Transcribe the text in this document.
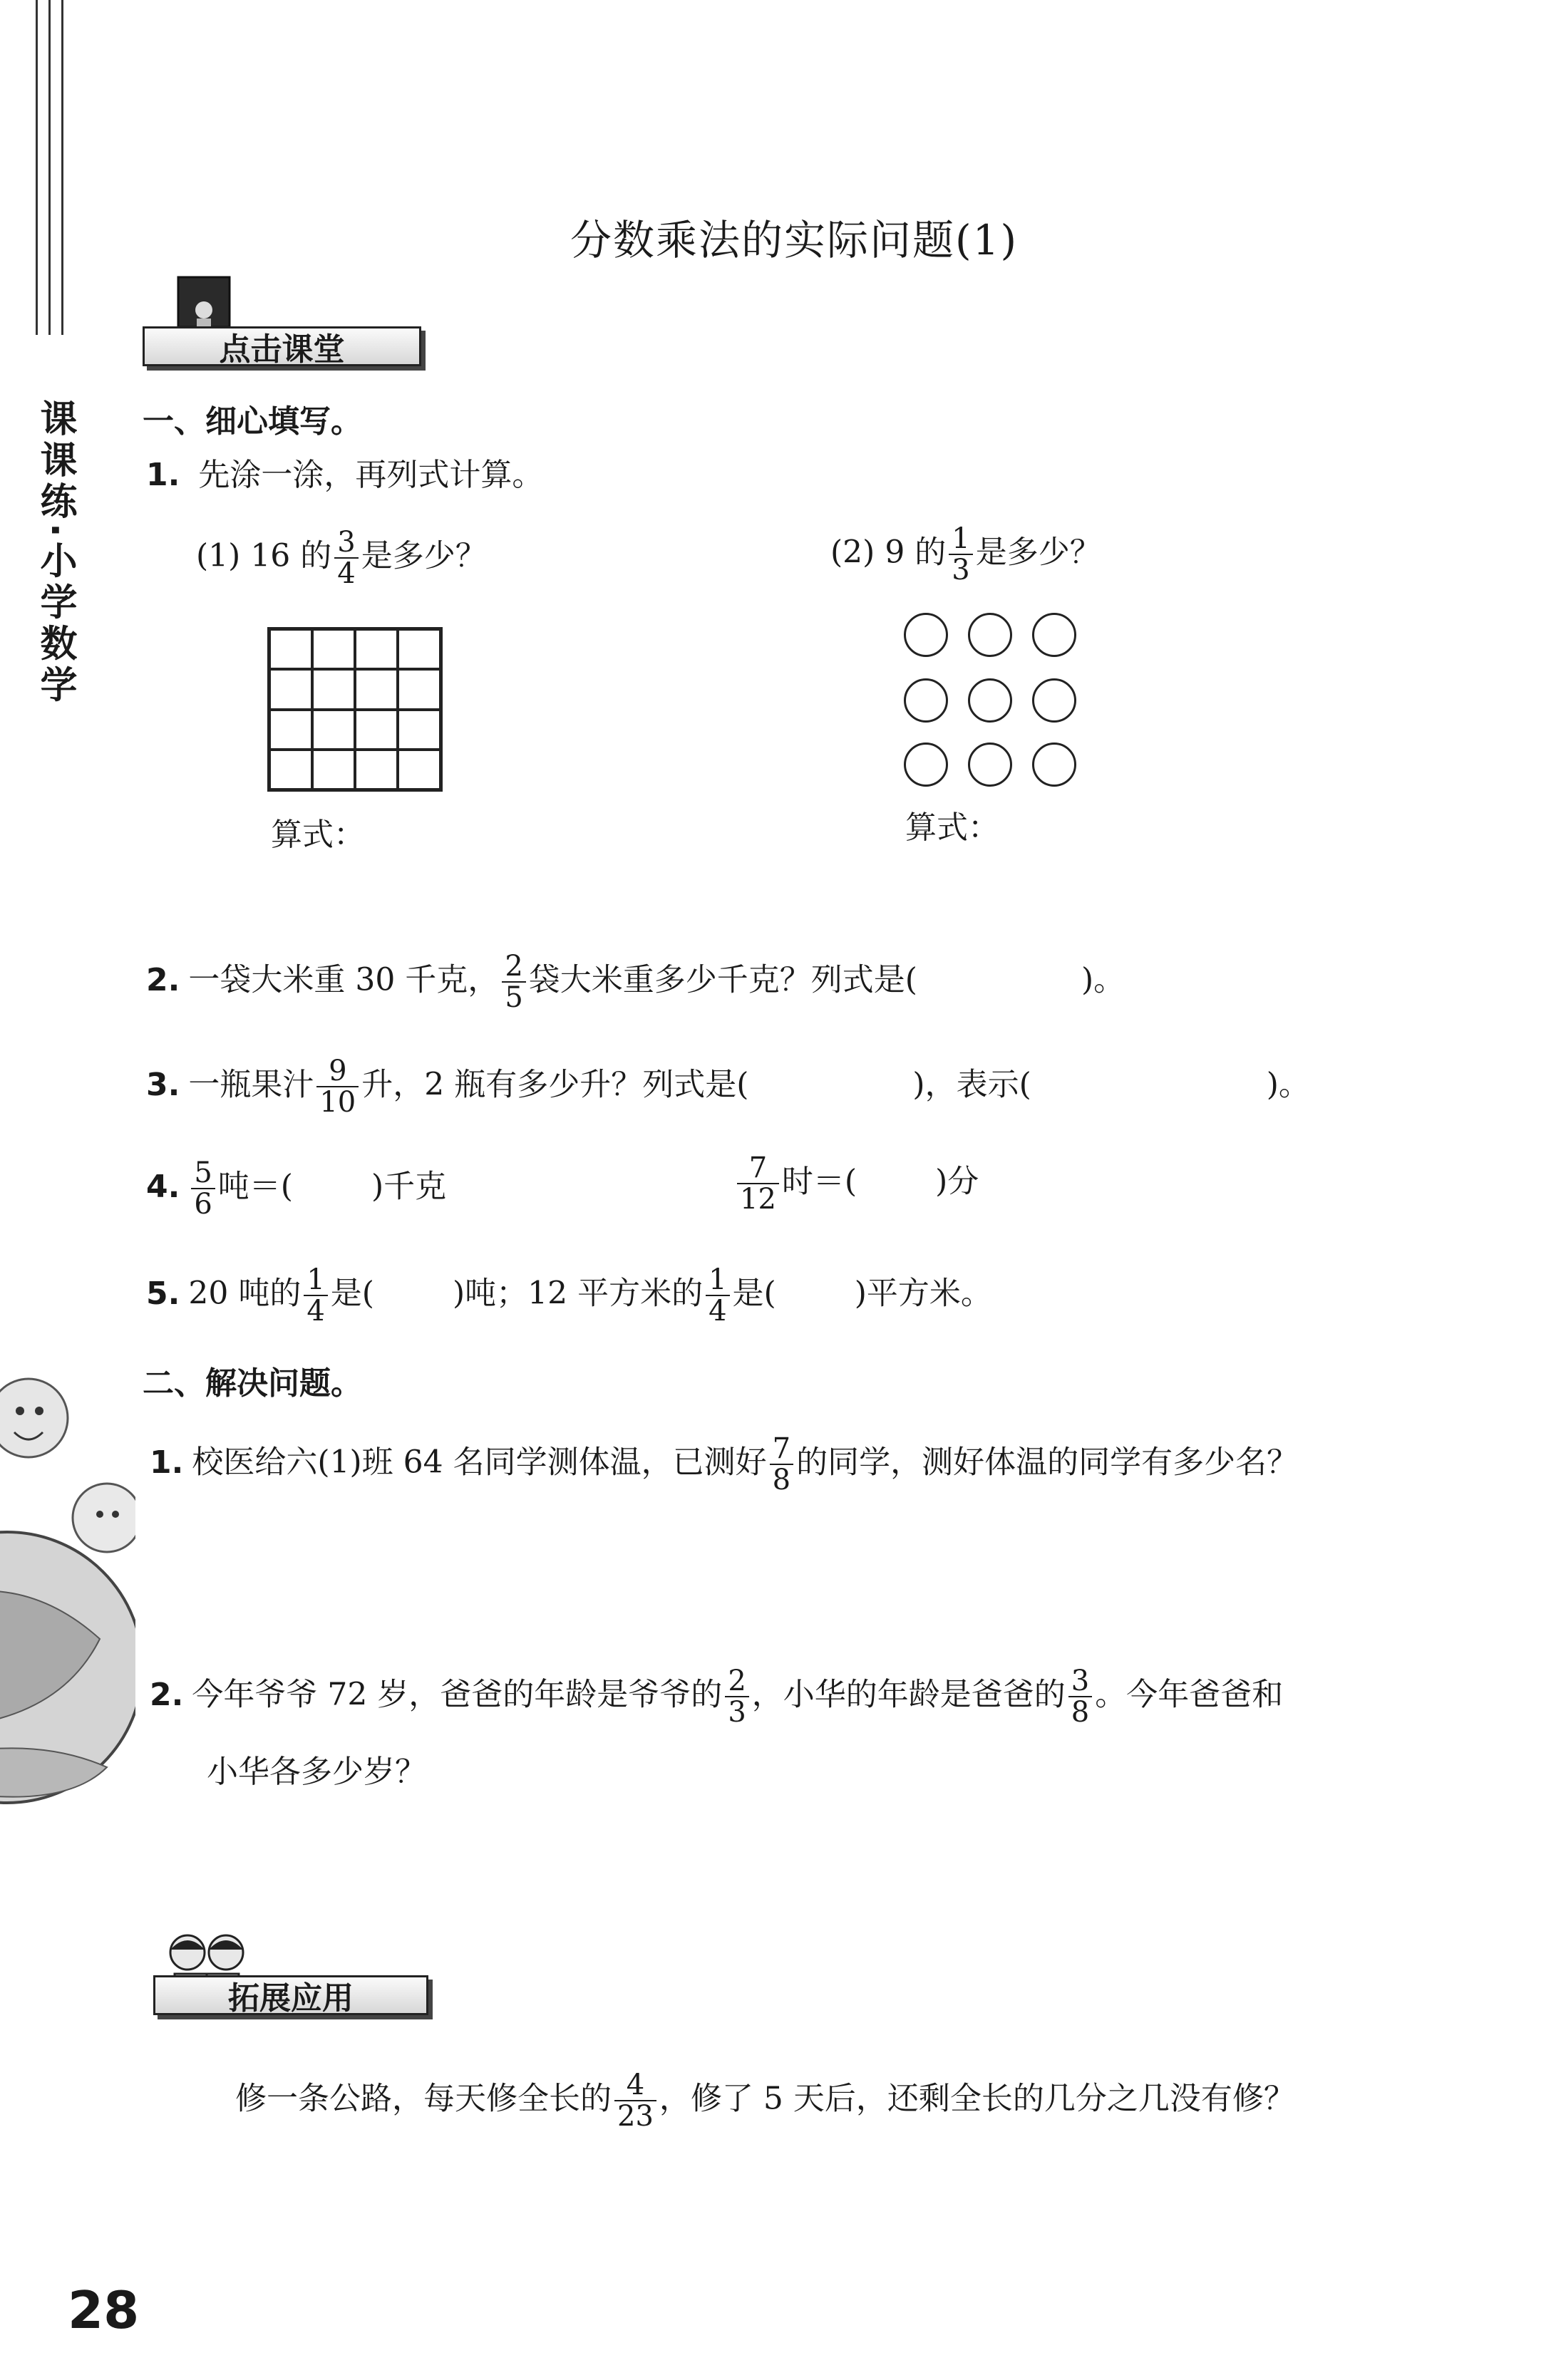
课课练·小学数学
分数乘法的实际问题(1)
点击课堂
一、细心填写。
1. 先涂一涂，再列式计算。
(1) 16 的 $\frac{3}{4}$ 是多少？	(2) 9 的 $\frac{1}{3}$ 是多少？
算式：	算式：
2. 一袋大米重 30 千克， $\frac{2}{5}$ 袋大米重多少千克？列式是(	)。
3. 一瓶果汁 $\frac{9}{10}$ 升，2 瓶有多少升？列式是(	)，表示(	)。
4. $\frac{5}{6}$ 吨＝(	)千克	$\frac{7}{12}$ 时＝(	)分
5. 20 吨的 $\frac{1}{4}$ 是(	)吨；12 平方米的 $\frac{1}{4}$ 是(	)平方米。
二、解决问题。
1. 校医给六(1)班 64 名同学测体温，已测好 $\frac{7}{8}$ 的同学，测好体温的同学有多少名？
2. 今年爷爷 72 岁，爸爸的年龄是爷爷的 $\frac{2}{3}$ ，小华的年龄是爸爸的 $\frac{3}{8}$ 。今年爸爸和
小华各多少岁？
拓展应用
修一条公路，每天修全长的 $\frac{4}{23}$ ，修了 5 天后，还剩全长的几分之几没有修？
28
